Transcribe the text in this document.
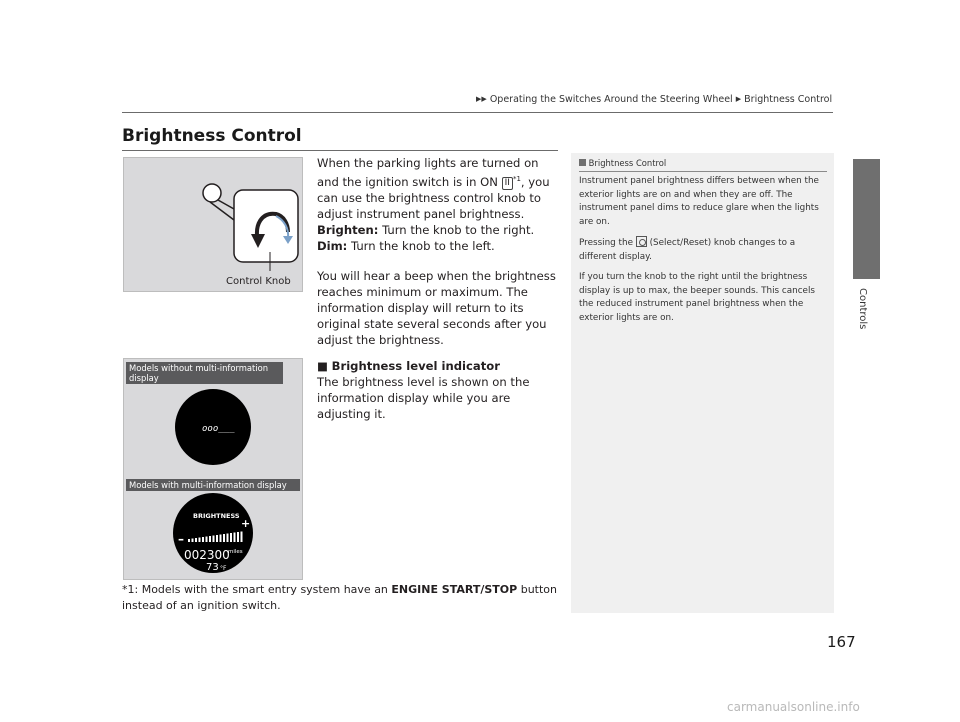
▶▶ Operating the Switches Around the Steering Wheel ▶ Brightness Control
Controls
Brightness Control
Control Knob
Models without multi-information display
ooo___
BRIGHTNESS
–
+
002300
miles
73 °F
Models with multi-information display

When the parking lights are turned on and the ignition switch is in ON II $^{*1}$, you can use the brightness control knob to adjust instrument panel brightness.

Brighten: Turn the knob to the right.

Dim: Turn the knob to the left.

You will hear a beep when the brightness reaches minimum or maximum. The information display will return to its original state several seconds after you adjust the brightness.

■ Brightness level indicator

The brightness level is shown on the information display while you are adjusting it.

*1: Models with the smart entry system have an ENGINE START/STOP button instead of an ignition switch.
Brightness Control

Instrument panel brightness differs between when the exterior lights are on and when they are off. The instrument panel dims to reduce glare when the lights are on.

Pressing the  (Select/Reset) knob changes to a different display.

If you turn the knob to the right until the brightness display is up to max, the beeper sounds. This cancels the reduced instrument panel brightness when the exterior lights are on.

167
carmanualsonline.info
